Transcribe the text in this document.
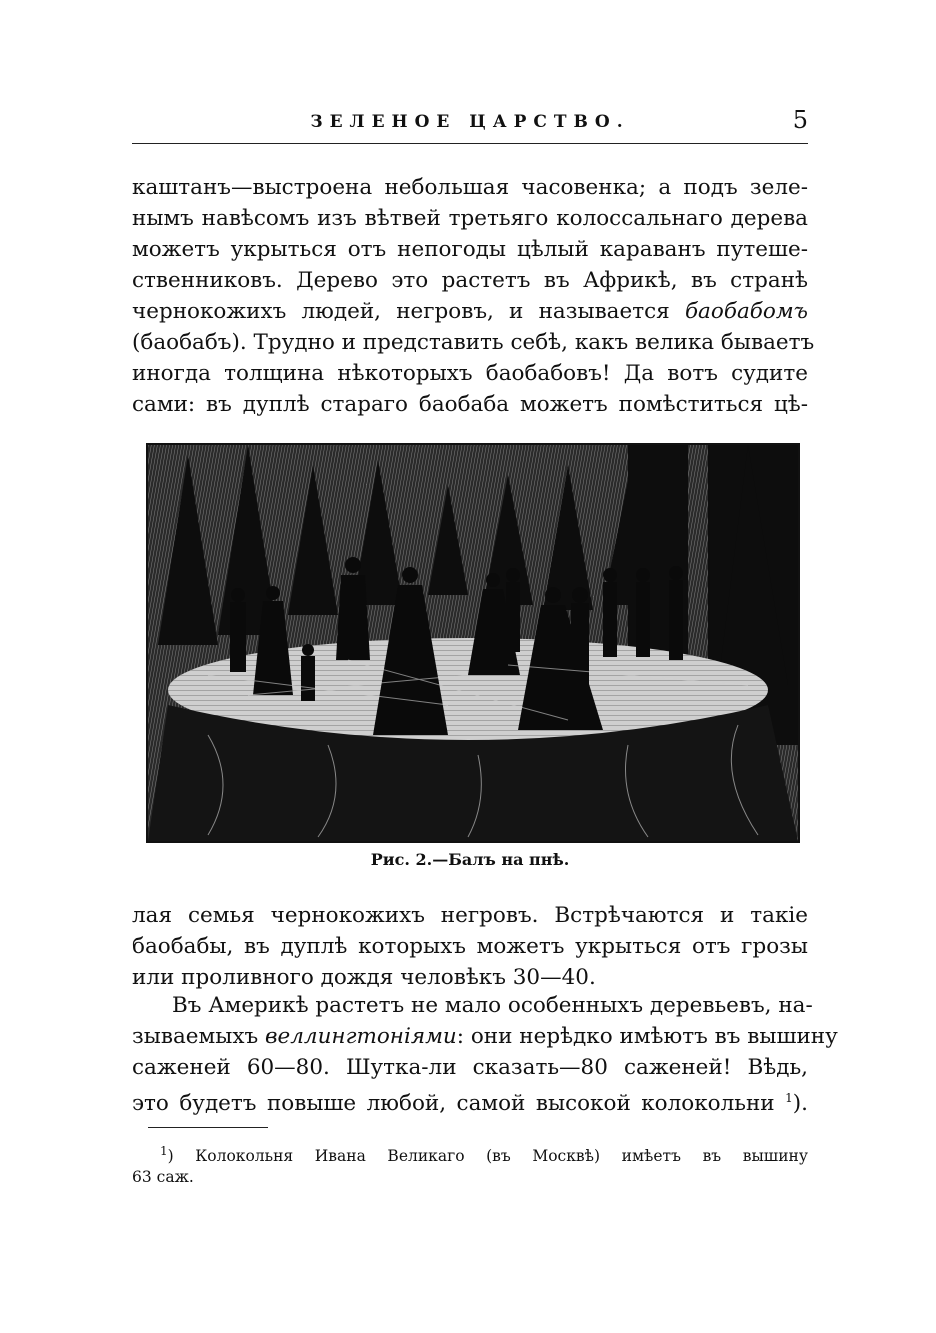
ЗЕЛЕНОЕ ЦАРСТВО.	5
каштанъ—выстроена небольшая часовенка; а подъ зеле-
нымъ навѣсомъ изъ вѣтвей третьяго колоссальнаго дерева
можетъ укрыться отъ непогоды цѣлый караванъ путеше-
ственниковъ. Дерево это растетъ въ Африкѣ, въ странѣ
чернокожихъ людей, негровъ, и называется баобабомъ
(баобабъ). Трудно и представить себѣ, какъ велика бываетъ
иногда толщина нѣкоторыхъ баобабовъ! Да вотъ судите
сами: въ дуплѣ стараго баобаба можетъ помѣститься цѣ-
Рис. 2.—Балъ на пнѣ.
лая семья чернокожихъ негровъ. Встрѣчаются и такіе
баобабы, въ дуплѣ которыхъ можетъ укрыться отъ грозы
или проливного дождя человѣкъ 30—40.
Въ Америкѣ растетъ не мало особенныхъ деревьевъ, на-
зываемыхъ веллингтоніями: они нерѣдко имѣютъ въ вышину
саженей 60—80. Шутка-ли сказать—80 саженей! Вѣдь,
это будетъ повыше любой, самой высокой колокольни $^1$).
$^1$) Колокольня Ивана Великаго (въ Москвѣ) имѣетъ въ вышину
63 саж.
